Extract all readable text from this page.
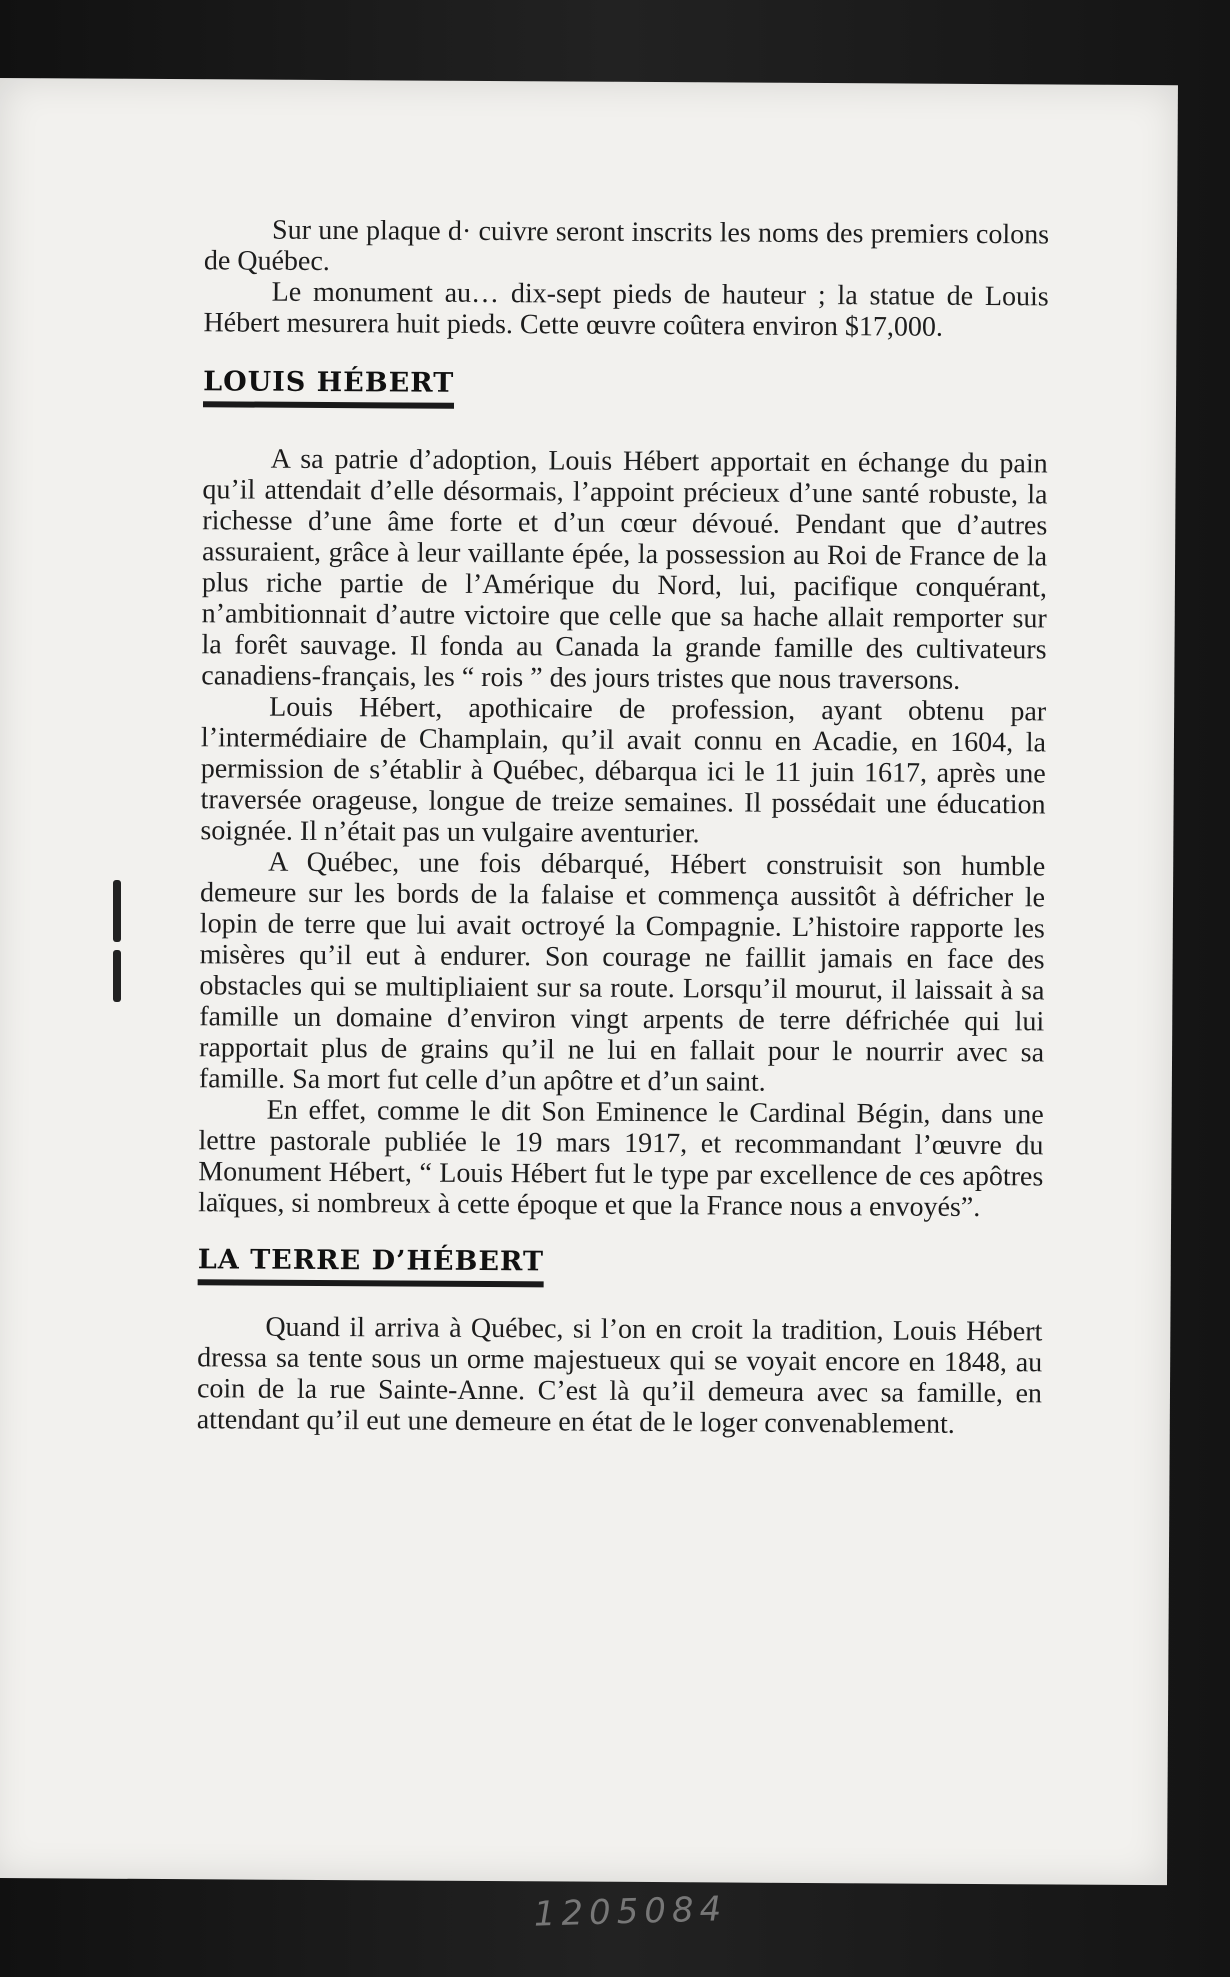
Sur une plaque d· cuivre seront inscrits les noms des premiers colons de Québec.

Le monument au… dix-sept pieds de hauteur ; la statue de Louis Hébert mesurera huit pieds. Cette œuvre coûtera environ $17,000.

LOUIS HÉBERT

A sa patrie d’adoption, Louis Hébert apportait en échange du pain qu’il attendait d’elle désormais, l’appoint précieux d’une santé robuste, la richesse d’une âme forte et d’un cœur dévoué. Pendant que d’autres assuraient, grâce à leur vaillante épée, la possession au Roi de France de la plus riche partie de l’Amérique du Nord, lui, pacifique conquérant, n’ambitionnait d’autre victoire que celle que sa hache allait remporter sur la forêt sauvage. Il fonda au Canada la grande famille des cultivateurs canadiens-français, les “ rois ” des jours tristes que nous traversons.

Louis Hébert, apothicaire de profession, ayant obtenu par l’intermédiaire de Champlain, qu’il avait connu en Acadie, en 1604, la permission de s’établir à Québec, débarqua ici le 11 juin 1617, après une traversée orageuse, longue de treize semaines. Il possédait une éducation soignée. Il n’était pas un vulgaire aventurier.

A Québec, une fois débarqué, Hébert construisit son humble demeure sur les bords de la falaise et commença aussitôt à défricher le lopin de terre que lui avait octroyé la Compagnie. L’histoire rapporte les misères qu’il eut à endurer. Son courage ne faillit jamais en face des obstacles qui se multipliaient sur sa route. Lorsqu’il mourut, il laissait à sa famille un domaine d’environ vingt arpents de terre défrichée qui lui rapportait plus de grains qu’il ne lui en fallait pour le nourrir avec sa famille. Sa mort fut celle d’un apôtre et d’un saint.

En effet, comme le dit Son Eminence le Cardinal Bégin, dans une lettre pastorale publiée le 19 mars 1917, et recommandant l’œuvre du Monument Hébert, “ Louis Hébert fut le type par excellence de ces apôtres laïques, si nombreux à cette époque et que la France nous a envoyés”.

LA TERRE D’HÉBERT

Quand il arriva à Québec, si l’on en croit la tradition, Louis Hébert dressa sa tente sous un orme majestueux qui se voyait encore en 1848, au coin de la rue Sainte-Anne. C’est là qu’il demeura avec sa famille, en attendant qu’il eut une demeure en état de le loger convenablement.

1205084
